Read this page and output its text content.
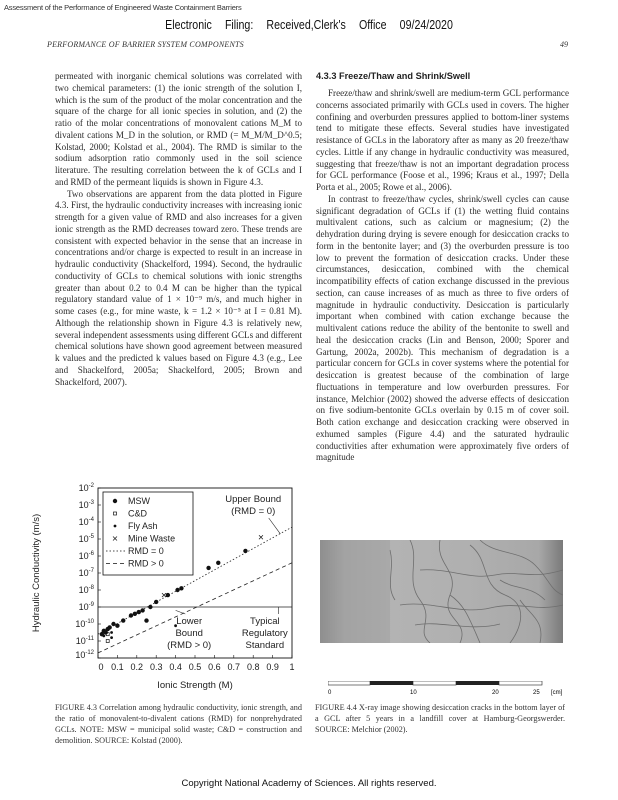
Assessment of the Performance of Engineered Waste Containment Barriers
Electronic Filing: Received,Clerk's Office 09/24/2020
PERFORMANCE OF BARRIER SYSTEM COMPONENTS	49

permeated with inorganic chemical solutions was correlated with two chemical parameters: (1) the ionic strength of the solution I, which is the sum of the product of the molar concentration and the square of the charge for all ionic species in solution, and (2) the ratio of the molar concentrations of monovalent cations M_M to divalent cations M_D in the solution, or RMD (= M_M/M_D^0.5; Kolstad, 2000; Kolstad et al., 2004). The RMD is similar to the sodium adsorption ratio commonly used in the soil science literature. The resulting correlation between the k of GCLs and I and RMD of the permeant liquids is shown in Figure 4.3.

Two observations are apparent from the data plotted in Figure 4.3. First, the hydraulic conductivity increases with increasing ionic strength for a given value of RMD and also increases for a given ionic strength as the RMD decreases toward zero. These trends are consistent with expected behavior in the sense that an increase in concentrations and/or charge is expected to result in an increase in hydraulic conductivity (Shackelford, 1994). Second, the hydraulic conductivity of GCLs to chemical solutions with ionic strengths greater than about 0.2 to 0.4 M can be higher than the typical regulatory standard value of 1 × 10⁻⁹ m/s, and much higher in some cases (e.g., for mine waste, k = 1.2 × 10⁻⁵ at I = 0.81 M). Although the relationship shown in Figure 4.3 is relatively new, several independent assessments using different GCLs and different chemical solutions have shown good agreement between measured k values and the predicted k values based on Figure 4.3 (e.g., Lee and Shackelford, 2005a; Shackelford, 2005; Brown and Shackelford, 2007).

4.3.3 Freeze/Thaw and Shrink/Swell

Freeze/thaw and shrink/swell are medium-term GCL performance concerns associated primarily with GCLs used in covers. The higher confining and overburden pressures applied to bottom-liner systems tend to mitigate these effects. Several studies have investigated resistance of GCLs in the laboratory after as many as 20 freeze/thaw cycles. Little if any change in hydraulic conductivity was measured, suggesting that freeze/thaw is not an important degradation process for GCL performance (Foose et al., 1996; Kraus et al., 1997; Della Porta et al., 2005; Rowe et al., 2006).

In contrast to freeze/thaw cycles, shrink/swell cycles can cause significant degradation of GCLs if (1) the wetting fluid contains multivalent cations, such as calcium or magnesium; (2) the dehydration during drying is severe enough for desiccation cracks to form in the bentonite layer; and (3) the overburden pressure is too low to prevent the formation of desiccation cracks. Under these circumstances, desiccation, combined with the chemical incompatibility effects of cation exchange discussed in the previous section, can cause increases of as much as three to five orders of magnitude in hydraulic conductivity. Desiccation is particularly important when combined with cation exchange because the multivalent cations reduce the ability of the bentonite to swell and heal the desiccation cracks (Lin and Benson, 2000; Sporer and Gartung, 2002a, 2002b). This mechanism of degradation is a particular concern for GCLs in cover systems where the potential for desiccation is greatest because of the combination of large fluctuations in temperature and low overburden pressures. For instance, Melchior (2002) showed the adverse effects of desiccation on five sodium-bentonite GCLs overlain by 0.15 m of cover soil. Both cation exchange and desiccation cracking were observed in exhumed samples (Figure 4.4) and the saturated hydraulic conductivities after exhumation were approximately five orders of magnitude

0 0.1 0.2 0.3 0.4 0.5 0.6 0.7 0.8 0.9 1
$10^{-2}$
$10^{-3}$
$10^{-4}$
$10^{-5}$
$10^{-6}$
$10^{-7}$
$10^{-8}$
$10^{-9}$
$10^{-10}$
$10^{-11}$
$10^{-12}$
Ionic Strength (M)
Hydraulic Conductivity (m/s)
MSW
C&D
Fly Ash
Mine Waste
RMD = 0
RMD > 0
Upper Bound
(RMD = 0)
Lower
Bound
(RMD > 0)
Typical
Regulatory
Standard
FIGURE 4.3 Correlation among hydraulic conductivity, ionic strength, and the ratio of monovalent-to-divalent cations (RMD) for nonprehydrated GCLs. NOTE: MSW = municipal solid waste; C&D = construction and demolition. SOURCE: Kolstad (2000).
0	10	20	25 [cm]
FIGURE 4.4 X-ray image showing desiccation cracks in the bottom layer of a GCL after 5 years in a landfill cover at Hamburg-Georgswerder. SOURCE: Melchior (2002).
Copyright National Academy of Sciences. All rights reserved.
